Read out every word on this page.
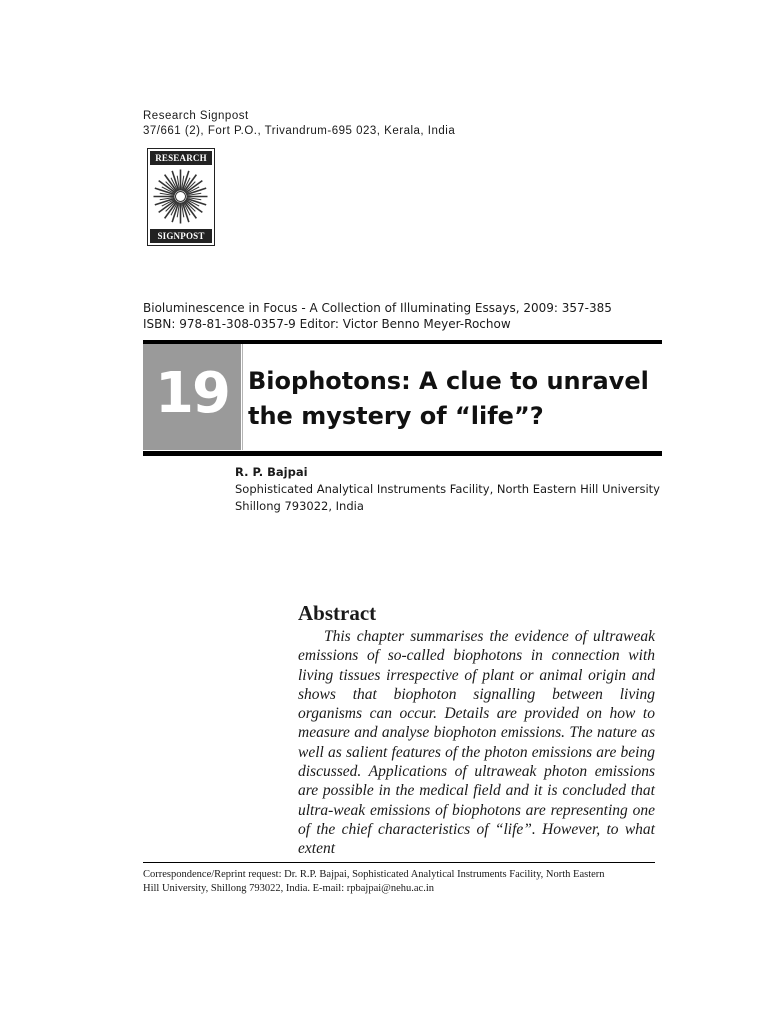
Research Signpost
37/661 (2), Fort P.O., Trivandrum-695 023, Kerala, India
RESEARCH
SIGNPOST
Bioluminescence in Focus - A Collection of Illuminating Essays, 2009: 357-385
ISBN: 978-81-308-0357-9 Editor: Victor Benno Meyer-Rochow
19 Biophotons: A clue to unravel
the mystery of “life”?
R. P. Bajpai
Sophisticated Analytical Instruments Facility, North Eastern Hill University
Shillong 793022, India
Abstract

This chapter summarises the evidence of ultraweak emissions of so-called biophotons in connection with living tissues irrespective of plant or animal origin and shows that biophoton signalling between living organisms can occur. Details are provided on how to measure and analyse biophoton emissions. The nature as well as salient features of the photon emissions are being discussed. Applications of ultraweak photon emissions are possible in the medical field and it is concluded that ultra-weak emissions of biophotons are representing one of the chief characteristics of “life”. However, to what extent

Correspondence/Reprint request: Dr. R.P. Bajpai, Sophisticated Analytical Instruments Facility, North Eastern
Hill University, Shillong 793022, India. E-mail: rpbajpai@nehu.ac.in
